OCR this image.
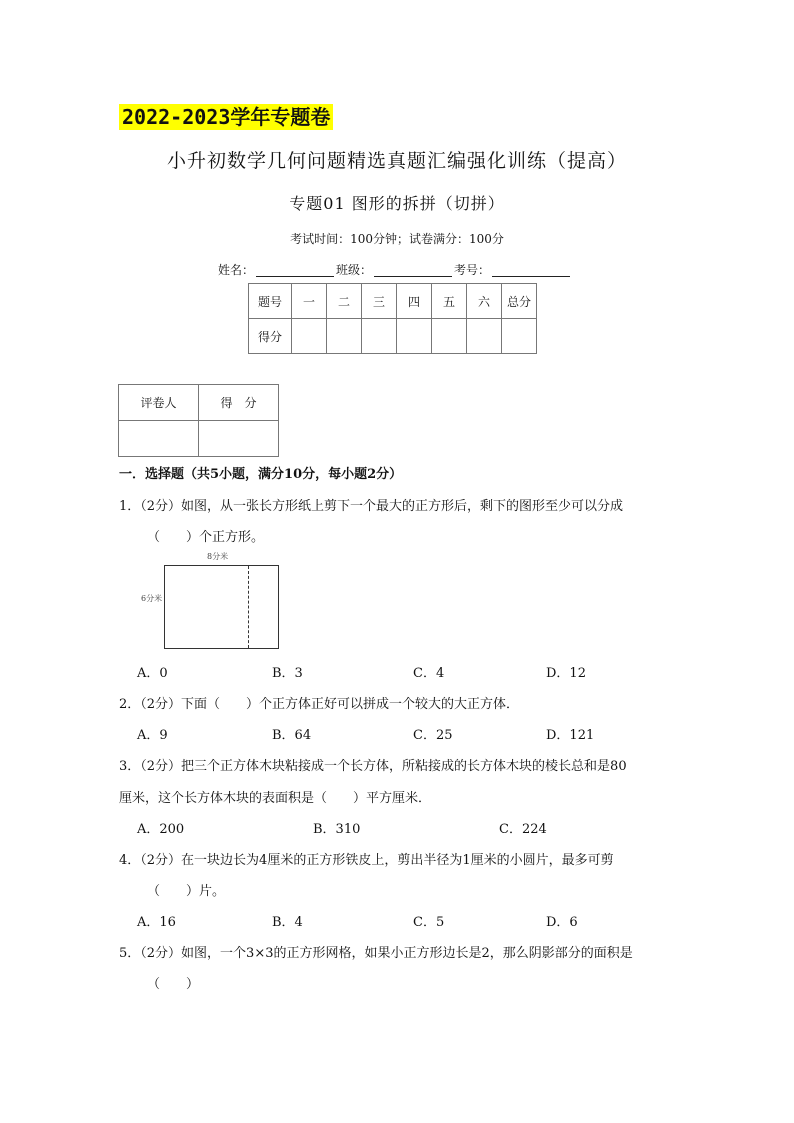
2022-2023学年专题卷
小升初数学几何问题精选真题汇编强化训练（提高）
专题01 图形的拆拼（切拼）
考试时间：100分钟；试卷满分：100分
姓名：	班级：	考号：
题号	一	二	三	四	五	六	总分
得分							
评卷人	得　分

一．选择题（共5小题，满分10分，每小题2分）
1．（2分）如图，从一张长方形纸上剪下一个最大的正方形后，剩下的图形至少可以分成
（　　）个正方形。
8分米
6分米
A．0	B．3	C．4	D．12
2．（2分）下面（　　）个正方体正好可以拼成一个较大的大正方体．
A．9	B．64	C．25	D．121
3．（2分）把三个正方体木块粘接成一个长方体，所粘接成的长方体木块的棱长总和是80
厘米，这个长方体木块的表面积是（　　）平方厘米．
A．200	B．310	C．224
4．（2分）在一块边长为4厘米的正方形铁皮上，剪出半径为1厘米的小圆片，最多可剪
（　　）片。
A．16	B．4	C．5	D．6
5．（2分）如图，一个3×3的正方形网格，如果小正方形边长是2，那么阴影部分的面积是
（　　）
